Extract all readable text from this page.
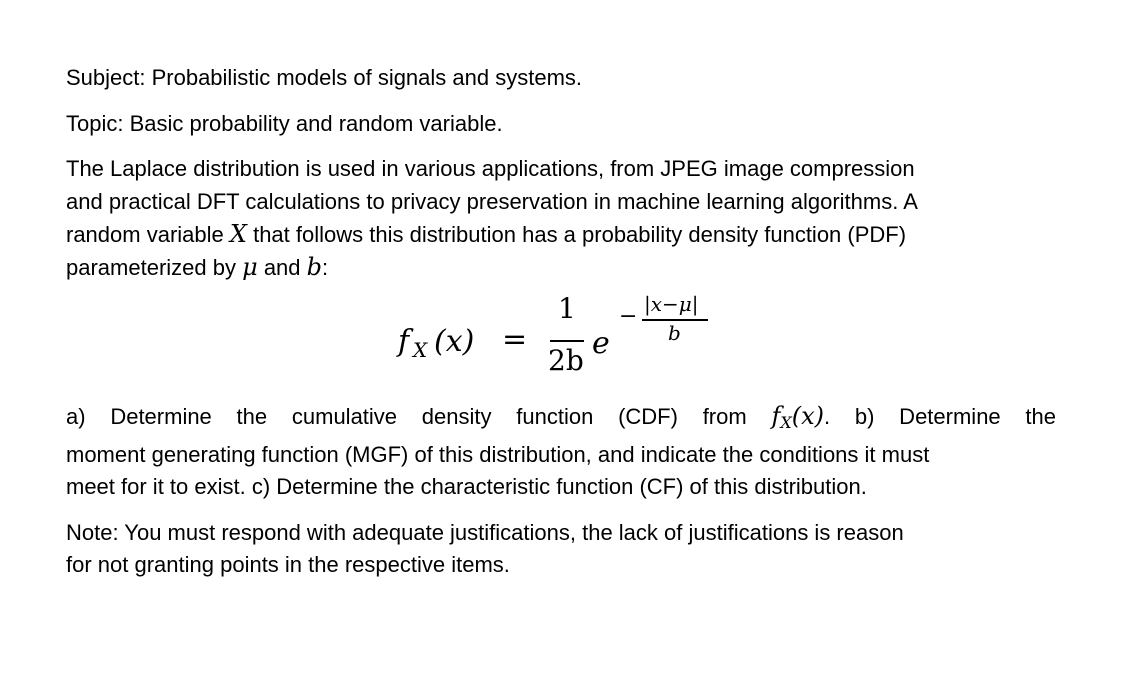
Subject: Probabilistic models of signals and systems.

Topic: Basic probability and random variable.

The Laplace distribution is used in various applications, from JPEG image compression

and practical DFT calculations to privacy preservation in machine learning algorithms. A

random variable X that follows this distribution has a probability density function (PDF)

parameterized by μ and b:

f X (x) =
1
2b e
− |x−μ|
b

a) Determine the cumulative density function (CDF) from fX(x). b) Determine the

moment generating function (MGF) of this distribution, and indicate the conditions it must

meet for it to exist. c) Determine the characteristic function (CF) of this distribution.

Note: You must respond with adequate justifications, the lack of justifications is reason

for not granting points in the respective items.
